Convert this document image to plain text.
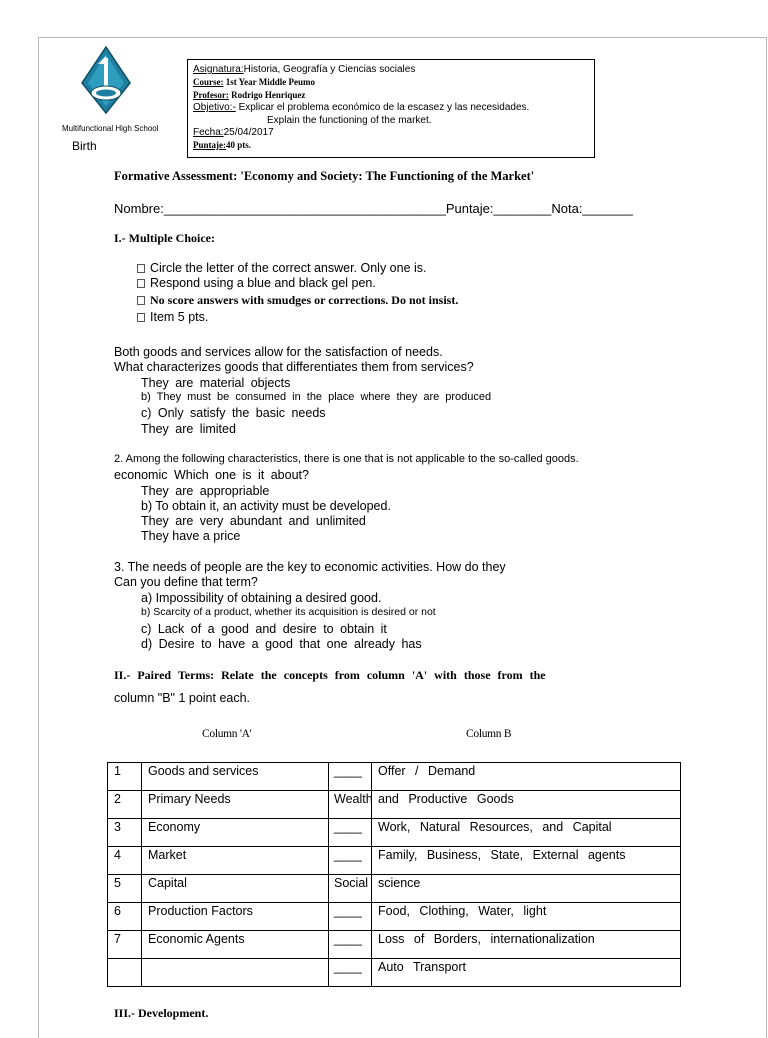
Multifunctional High School
Birth
Asignatura:Historia, Geografía y Ciencias sociales
Course: 1st Year Middle Peumo
Profesor: Rodrigo Henriquez
Objetivo:- Explicar el problema económico de la escasez y las necesidades.
Explain the functioning of the market.
Fecha:25/04/2017
Puntaje:40 pts.
Formative Assessment: 'Economy and Society: The Functioning of the Market'
Nombre:_______________________________________Puntaje:________Nota:_______
I.- Multiple Choice:
Circle the letter of the correct answer. Only one is.
Respond using a blue and black gel pen.
No score answers with smudges or corrections. Do not insist.
Item 5 pts.
Both goods and services allow for the satisfaction of needs.
What characterizes goods that differentiates them from services?
They are material objects
b) They must be consumed in the place where they are produced
c) Only satisfy the basic needs
They are limited
2. Among the following characteristics, there is one that is not applicable to the so-called goods.
economic Which one is it about?
They are appropriable
b) To obtain it, an activity must be developed.
They are very abundant and unlimited
They have a price
3. The needs of people are the key to economic activities. How do they
Can you define that term?
a) Impossibility of obtaining a desired good.
b) Scarcity of a product, whether its acquisition is desired or not
c) Lack of a good and desire to obtain it
d) Desire to have a good that one already has
II.- Paired Terms: Relate the concepts from column 'A' with those from the
column "B" 1 point each.
Column 'A'	Column B
1	Goods and services	____	Offer / Demand
2	Primary Needs	Wealth	and Productive Goods
3	Economy	____	Work, Natural Resources, and Capital
4	Market	____	Family, Business, State, External agents
5	Capital	Social	science
6	Production Factors	____	Food, Clothing, Water, light
7	Economic Agents	____	Loss of Borders, internationalization
		____	Auto Transport
III.- Development.
